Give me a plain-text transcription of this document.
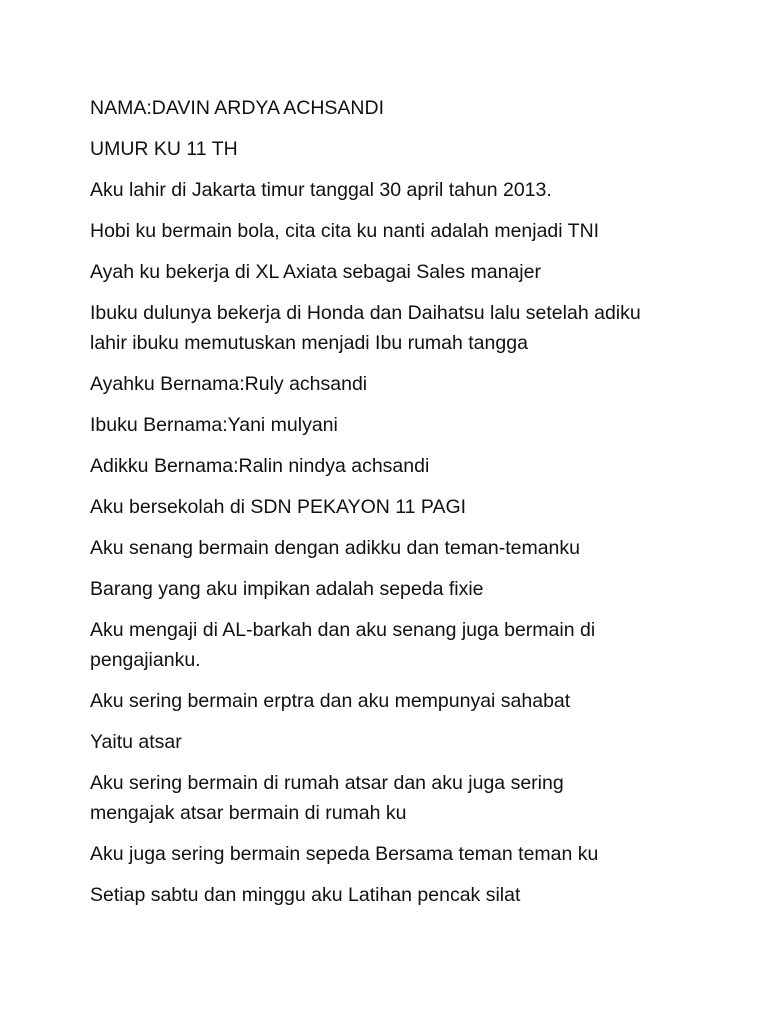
NAMA:DAVIN ARDYA ACHSANDI

UMUR KU 11 TH

Aku lahir di Jakarta timur tanggal 30 april tahun 2013.

Hobi ku bermain bola, cita cita ku nanti adalah menjadi TNI

Ayah ku bekerja di XL Axiata sebagai Sales manajer

Ibuku dulunya bekerja di Honda dan Daihatsu lalu setelah adiku
lahir ibuku memutuskan menjadi Ibu rumah tangga

Ayahku Bernama:Ruly achsandi

Ibuku Bernama:Yani mulyani

Adikku Bernama:Ralin nindya achsandi

Aku bersekolah di SDN PEKAYON 11 PAGI

Aku senang bermain dengan adikku dan teman-temanku

Barang yang aku impikan adalah sepeda fixie

Aku mengaji di AL-barkah dan aku senang juga bermain di
pengajianku.

Aku sering bermain erptra dan aku mempunyai sahabat

Yaitu atsar

Aku sering bermain di rumah atsar dan aku juga sering
mengajak atsar bermain di rumah ku

Aku juga sering bermain sepeda Bersama teman teman ku

Setiap sabtu dan minggu aku Latihan pencak silat
